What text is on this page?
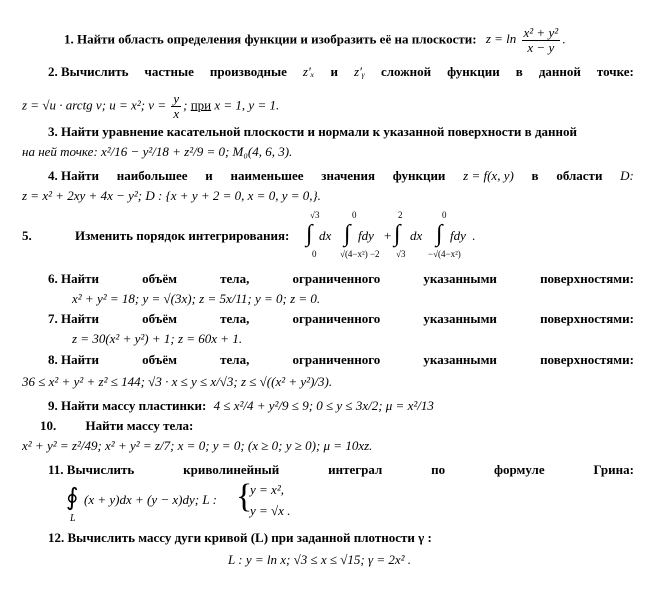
1. Найти область определения функции и изобразить её на плоскости: $z = \ln \frac{\text{x² + y²}}{x - y}$ .
2. Вычислить частные производные z′ₓ и z′ᵧ сложной функции в данной точке:
z = √u · arctg v; u = x²; $v = \frac{y}{x}$ ; при x = 1, y = 1.
3. Найти уравнение касательной плоскости и нормали к указанной поверхности в данной
на ней точке: x²/16 − y²/18 + z²/9 = 0; M₀(4, 6, 3).
4. Найти наибольшее и наименьшее значения функции z = f(x, y) в области D:
z = x² + 2xy + 4x − y²; D : {x + y + 2 = 0, x = 0, y = 0,}.
5.	Изменить порядок интегрирования: ∫
√3
0
dx ∫
0
√(4−x²) −2
fdy + ∫
2
√3
dx ∫
0
−√(4−x²)
fdy .
6. Найти	объём	тела,	ограниченного	указанными	поверхностями:
x² + y² = 18; y = √(3x); z = 5x/11; y = 0; z = 0.
7. Найти	объём	тела,	ограниченного	указанными	поверхностями:
z = 30(x² + y²) + 1; z = 60x + 1.
8. Найти	объём	тела,	ограниченного	указанными	поверхностями:
36 ≤ x² + y² + z² ≤ 144; √3 · x ≤ y ≤ x/√3; z ≤ √((x² + y²)/3).
9. Найти массу пластинки: 4 ≤ x²/4 + y²/9 ≤ 9; 0 ≤ y ≤ 3x/2; μ = x²/13
10. Найти массу тела:
x² + y² = z²/49; x² + y² = z/7; x = 0; y = 0; (x ≥ 0; y ≥ 0); μ = 10xz.
11. Вычислить	криволинейный	интеграл	по	формуле	Грина:
∮
L
(x + y)dx + (y − x)dy; L : {
y = x²,
y = √x .
12. Вычислить массу дуги кривой (L) при заданной плотности γ :
L : y = ln x; √3 ≤ x ≤ √15; γ = 2x² .
